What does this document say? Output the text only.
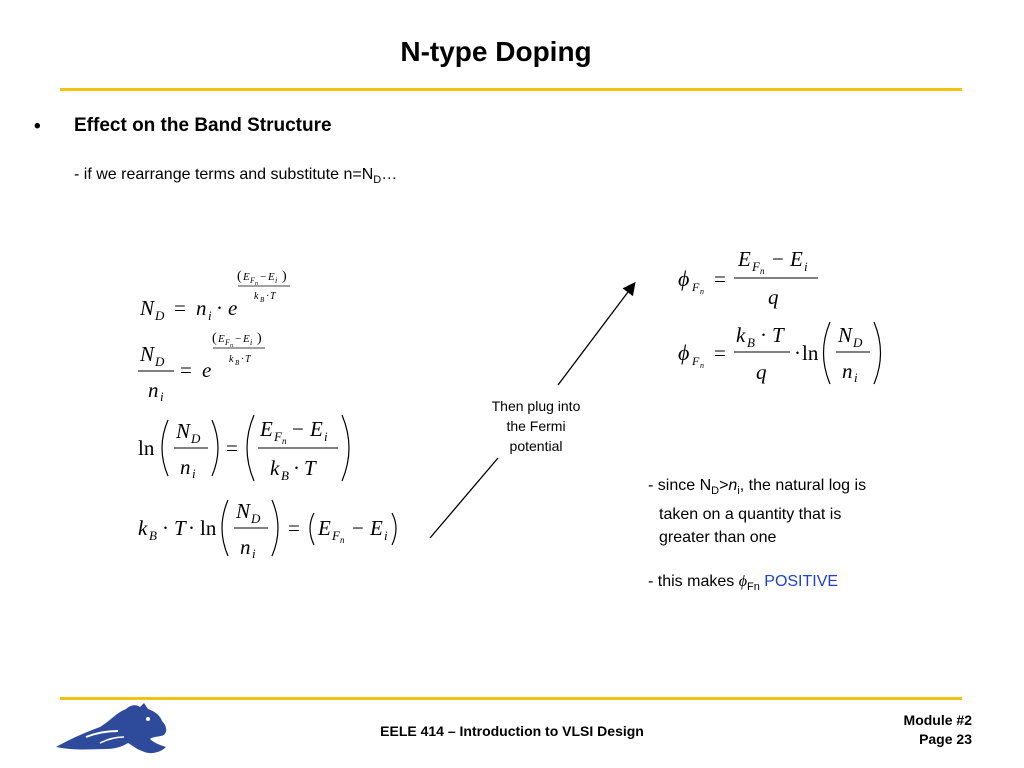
N-type Doping
• Effect on the Band Structure
- if we rearrange terms and substitute $n=N_D\dots$
N D = n i · e
( E F n
− E i )
k B · T
N D
n i
= e
( E F n
− E i )
k B · T
ln
N D
n i
=
E F n − E i
k B · T
k B · T · ln
N D
n i
= E F n − E i
Then plug into
the Fermi
potential
ϕ F n
=
E F n − E i
q
ϕ F n
=
k B · T
q
· ln
N D
n i
- since $N_D>n_i$, the natural log is
taken on a quantity that is
greater than one
- this makes $\phi_{Fn}$ POSITIVE
EELE 414 – Introduction to VLSI Design
Module #2
Page 23
